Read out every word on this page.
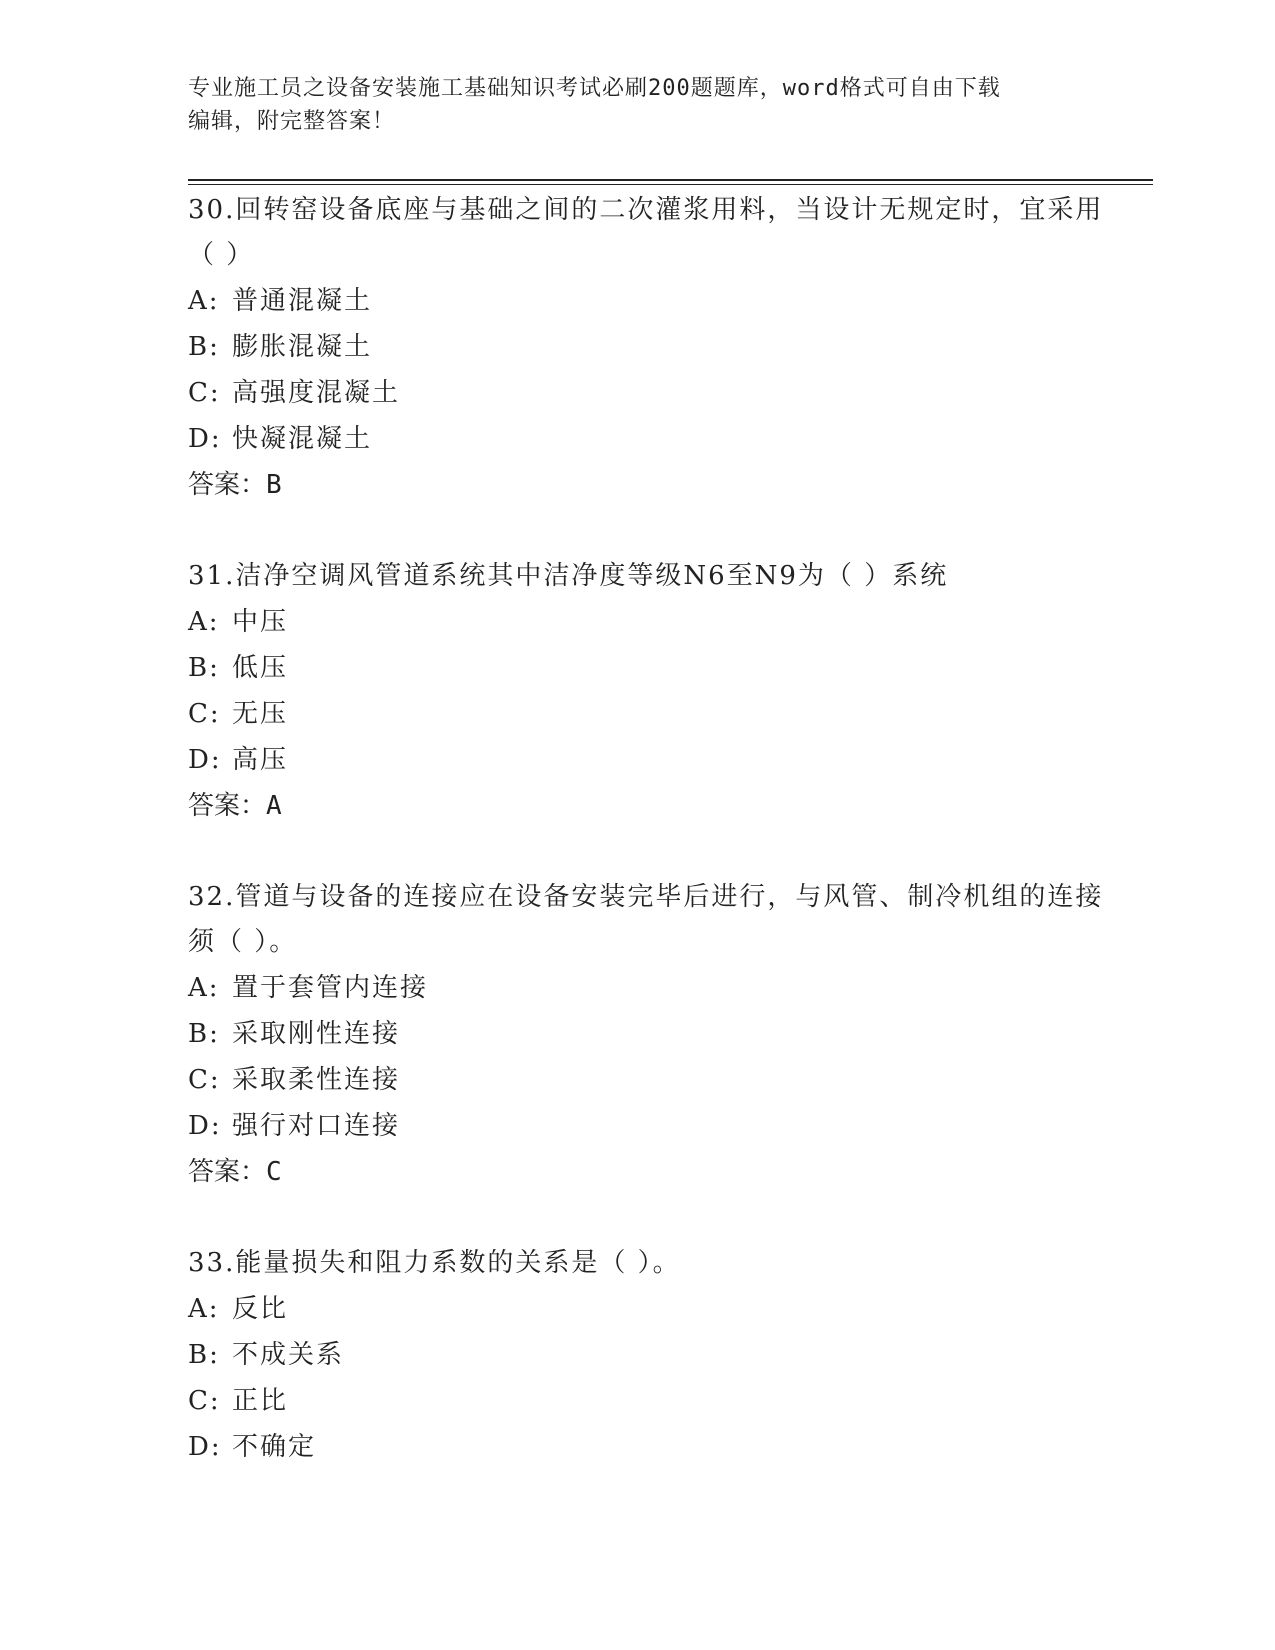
专业施工员之设备安装施工基础知识考试必刷200题题库，word格式可自由下载
编辑，附完整答案！
30.回转窑设备底座与基础之间的二次灌浆用料，当设计无规定时，宜采用（ ）
A: 普通混凝土
B: 膨胀混凝土
C: 高强度混凝土
D: 快凝混凝土
答案：B
31.洁净空调风管道系统其中洁净度等级N6至N9为（ ）系统
A: 中压
B: 低压
C: 无压
D: 高压
答案：A
32.管道与设备的连接应在设备安装完毕后进行，与风管、制冷机组的连接须（ ）。
A: 置于套管内连接
B: 采取刚性连接
C: 采取柔性连接
D: 强行对口连接
答案：C
33.能量损失和阻力系数的关系是（ ）。
A: 反比
B: 不成关系
C: 正比
D: 不确定
